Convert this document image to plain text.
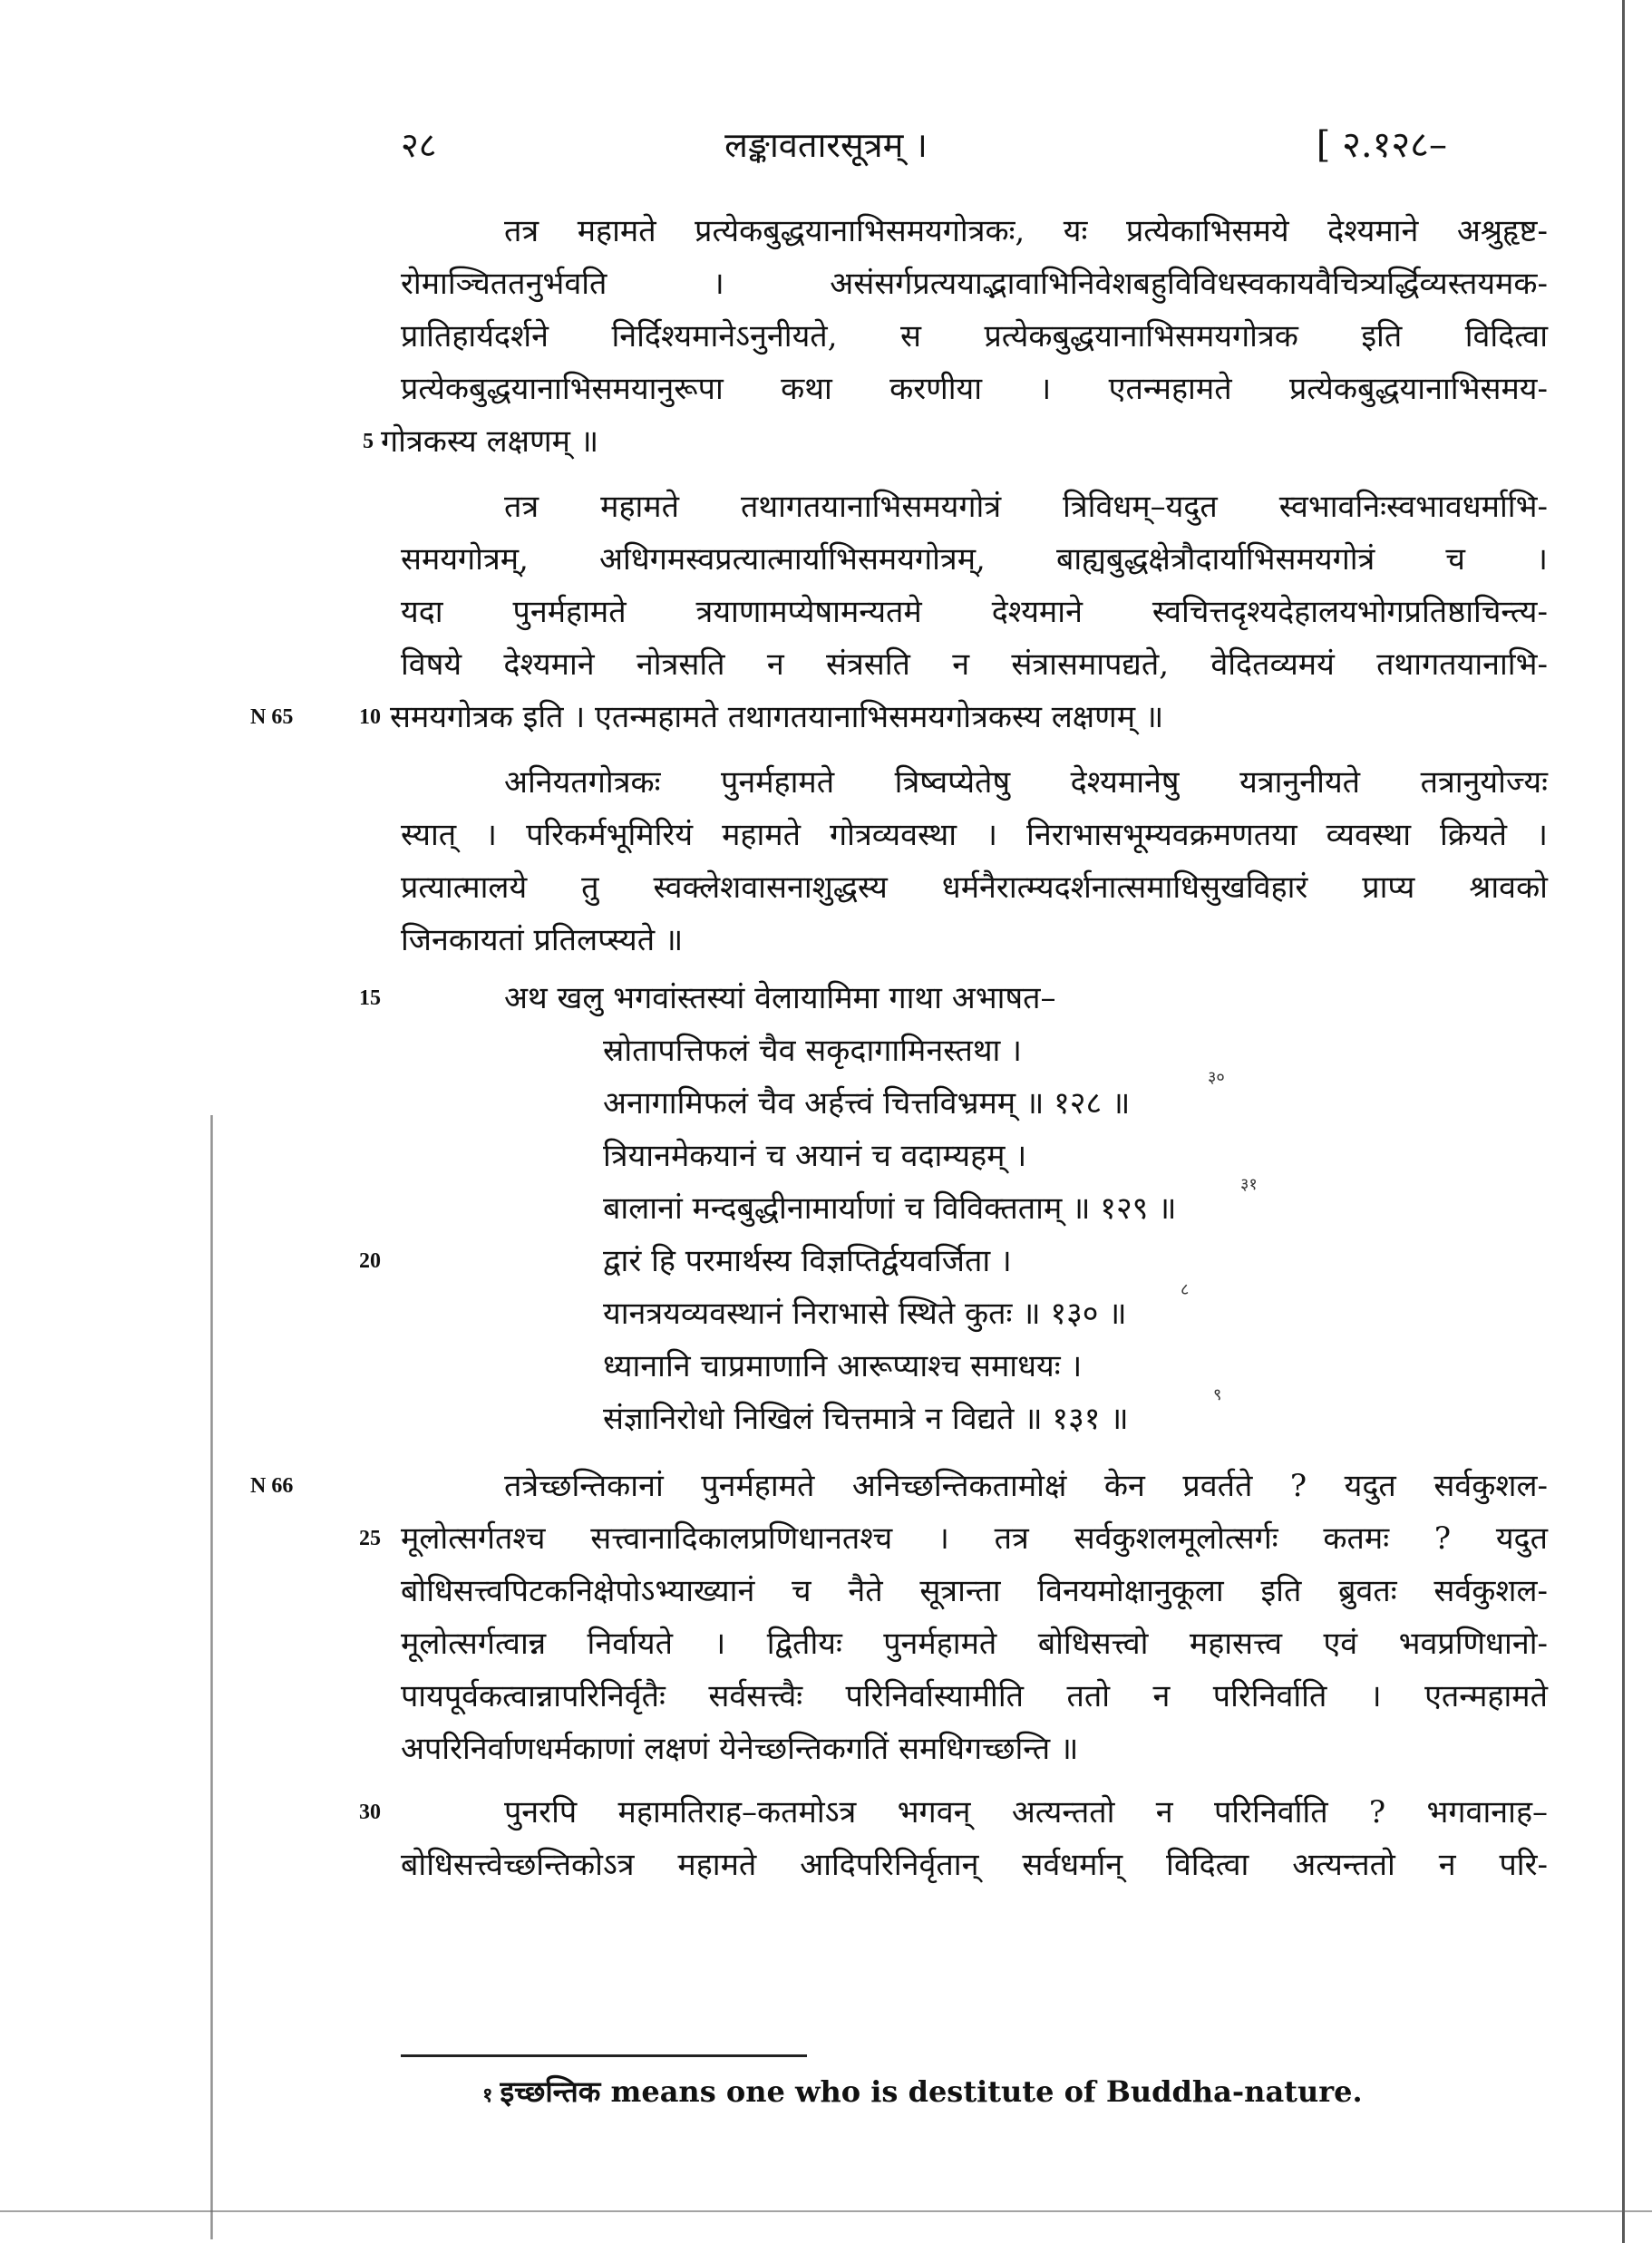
२८	लङ्कावतारसूत्रम् ।	[ २.१२८–
तत्र महामते प्रत्येकबुद्धयानाभिसमयगोत्रकः, यः प्रत्येकाभिसमये देश्यमाने अश्रुहृष्ट-
रोमाञ्चिततनुर्भवति । असंसर्गप्रत्ययाद्भावाभिनिवेशबहुविविधस्वकायवैचित्र्यर्द्धिव्यस्तयमक-
प्रातिहार्यदर्शने निर्दिश्यमानेऽनुनीयते, स प्रत्येकबुद्धयानाभिसमयगोत्रक इति विदित्वा
प्रत्येकबुद्धयानाभिसमयानुरूपा कथा करणीया । एतन्महामते प्रत्येकबुद्धयानाभिसमय-
5 गोत्रकस्य लक्षणम् ॥
तत्र महामते तथागतयानाभिसमयगोत्रं त्रिविधम्–यदुत स्वभावनिःस्वभावधर्माभि-
समयगोत्रम्, अधिगमस्वप्रत्यात्मार्याभिसमयगोत्रम्, बाह्यबुद्धक्षेत्रौदार्याभिसमयगोत्रं च ।
यदा पुनर्महामते त्रयाणामप्येषामन्यतमे देश्यमाने स्वचित्तदृश्यदेहालयभोगप्रतिष्ठाचिन्त्य-
विषये देश्यमाने नोत्रसति न संत्रसति न संत्रासमापद्यते, वेदितव्यमयं तथागतयानाभि-
N 65	10 समयगोत्रक इति । एतन्महामते तथागतयानाभिसमयगोत्रकस्य लक्षणम् ॥
अनियतगोत्रकः पुनर्महामते त्रिष्वप्येतेषु देश्यमानेषु यत्रानुनीयते तत्रानुयोज्यः
स्यात् । परिकर्मभूमिरियं महामते गोत्रव्यवस्था । निराभासभूम्यवक्रमणतया व्यवस्था क्रियते ।
प्रत्यात्मालये तु स्वक्लेशवासनाशुद्धस्य धर्मनैरात्म्यदर्शनात्समाधिसुखविहारं प्राप्य श्रावको
जिनकायतां प्रतिलप्स्यते ॥
15	अथ खलु भगवांस्तस्यां वेलायामिमा गाथा अभाषत–
स्रोतापत्तिफलं चैव सकृदागामिनस्तथा ।
३०
अनागामिफलं चैव अर्हत्त्वं चित्तविभ्रमम् ॥ १२८ ॥
त्रियानमेकयानं च अयानं च वदाम्यहम् ।
३१
बालानां मन्दबुद्धीनामार्याणां च विविक्तताम् ॥ १२९ ॥
20	द्वारं हि परमार्थस्य विज्ञप्तिर्द्वयवर्जिता ।
८
यानत्रयव्यवस्थानं निराभासे स्थिते कुतः ॥ १३० ॥
ध्यानानि चाप्रमाणानि आरूप्याश्च समाधयः ।
९
संज्ञानिरोधो निखिलं चित्तमात्रे न विद्यते ॥ १३१ ॥
N 66	तत्रेच्छन्तिकानां पुनर्महामते अनिच्छन्तिकतामोक्षं केन प्रवर्तते ? यदुत सर्वकुशल-
25 मूलोत्सर्गतश्च सत्त्वानादिकालप्रणिधानतश्च । तत्र सर्वकुशलमूलोत्सर्गः कतमः ? यदुत
बोधिसत्त्वपिटकनिक्षेपोऽभ्याख्यानं च नैते सूत्रान्ता विनयमोक्षानुकूला इति ब्रुवतः सर्वकुशल-
मूलोत्सर्गत्वान्न निर्वायते । द्वितीयः पुनर्महामते बोधिसत्त्वो महासत्त्व एवं भवप्रणिधानो-
पायपूर्वकत्वान्नापरिनिर्वृतैः सर्वसत्त्वैः परिनिर्वास्यामीति ततो न परिनिर्वाति । एतन्महामते
अपरिनिर्वाणधर्मकाणां लक्षणं येनेच्छन्तिकगतिं समधिगच्छन्ति ॥
30	पुनरपि महामतिराह–कतमोऽत्र भगवन् अत्यन्ततो न परिनिर्वाति ? भगवानाह–
बोधिसत्त्वेच्छन्तिकोऽत्र महामते आदिपरिनिर्वृतान् सर्वधर्मान् विदित्वा अत्यन्ततो न परि-
१ इच्छन्तिक means one who is destitute of Buddha-nature.
